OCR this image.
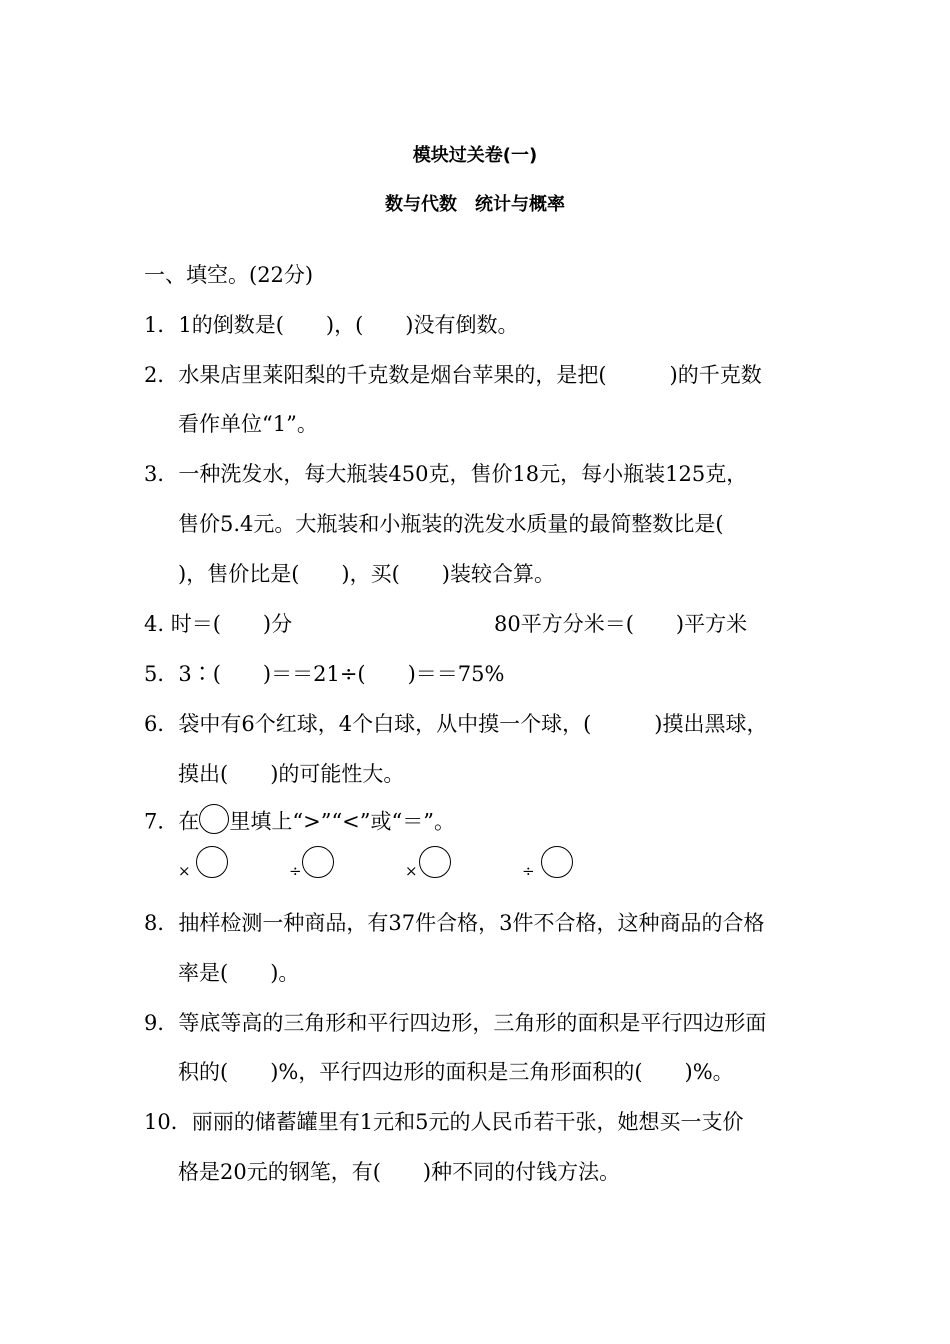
模块过关卷(一)
数与代数　统计与概率
一、填空。(22分)
1．1的倒数是(　　)，(　　)没有倒数。
2．水果店里莱阳梨的千克数是烟台苹果的，是把(　　　)的千克数
看作单位“1”。
3．一种洗发水，每大瓶装450克，售价18元，每小瓶装125克，
售价5.4元。大瓶装和小瓶装的洗发水质量的最简整数比是(
)，售价比是(　　)，买(　　)装较合算。
4. 时＝(　　)分	80平方分米＝(　　)平方米
5．3∶(　　)＝＝21÷(　　)＝＝75%
6．袋中有6个红球，4个白球，从中摸一个球，(　　　)摸出黑球，
摸出(　　)的可能性大。
7．在 里填上“>”“<”或“＝”。
×	÷	×	÷
8．抽样检测一种商品，有37件合格，3件不合格，这种商品的合格
率是(　　)。
9．等底等高的三角形和平行四边形，三角形的面积是平行四边形面
积的(　　)%，平行四边形的面积是三角形面积的(　　)%。
10．丽丽的储蓄罐里有1元和5元的人民币若干张，她想买一支价
格是20元的钢笔，有(　　)种不同的付钱方法。
